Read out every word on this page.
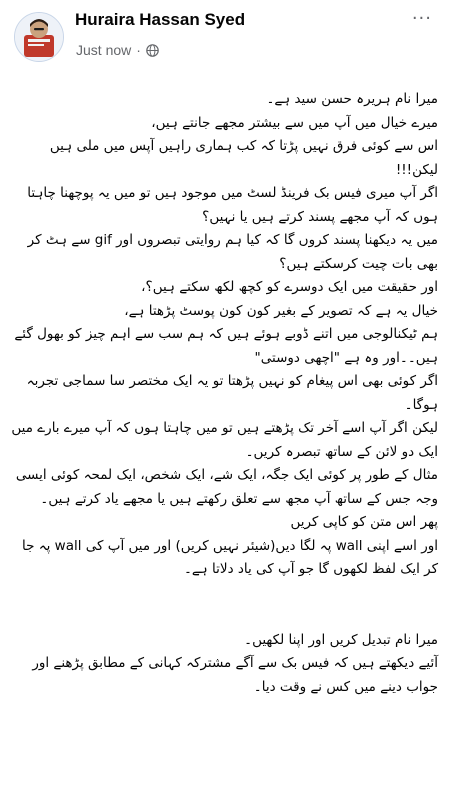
Huraira Hassan Syed
Just now ·
···

میرا نام ہریرہ حسن سید ہے۔

میرے خیال میں آپ میں سے بیشتر مجھے جانتے ہیں،

اس سے کوئی فرق نہیں پڑتا کہ کب ہماری راہیں آپس میں ملی ہیں لیکن!!!

اگر آپ میری فیس بک فرینڈ لسٹ میں موجود ہیں تو میں یہ پوچھنا چاہتا ہوں کہ آپ مجھے پسند کرتے ہیں یا نہیں؟

میں یہ دیکھنا پسند کروں گا کہ کیا ہم روایتی تبصروں اور gif سے ہٹ کر بھی بات چیت کرسکتے ہیں؟

اور حقیقت میں ایک دوسرے کو کچھ لکھ سکتے ہیں؟،

خیال یہ ہے کہ تصویر کے بغیر کون کون پوسٹ پڑھتا ہے،

ہم ٹیکنالوجی میں اتنے ڈوبے ہوئے ہیں کہ ہم سب سے اہم چیز کو بھول گئے ہیں۔۔اور وہ ہے "اچھی دوستی"

اگر کوئی بھی اس پیغام کو نہیں پڑھتا تو یہ ایک مختصر سا سماجی تجربہ ہوگا۔

لیکن اگر آپ اسے آخر تک پڑھتے ہیں تو میں چاہتا ہوں کہ آپ میرے بارے میں ایک دو لائن کے ساتھ تبصرہ کریں۔

مثال کے طور پر کوئی ایک جگہ، ایک شے، ایک شخص، ایک لمحہ کوئی ایسی وجہ جس کے ساتھ آپ مجھ سے تعلق رکھتے ہیں یا مجھے یاد کرتے ہیں۔

پھر اس متن کو کاپی کریں

اور اسے اپنی wall پہ لگا دیں(شیئر نہیں کریں) اور میں آپ کی wall پہ جا کر ایک لفظ لکھوں گا جو آپ کی یاد دلاتا ہے۔

میرا نام تبدیل کریں اور اپنا لکھیں۔

آئیے دیکھتے ہیں کہ فیس بک سے آگے مشترکہ کہانی کے مطابق پڑھنے اور جواب دینے میں کس نے وقت دیا۔
